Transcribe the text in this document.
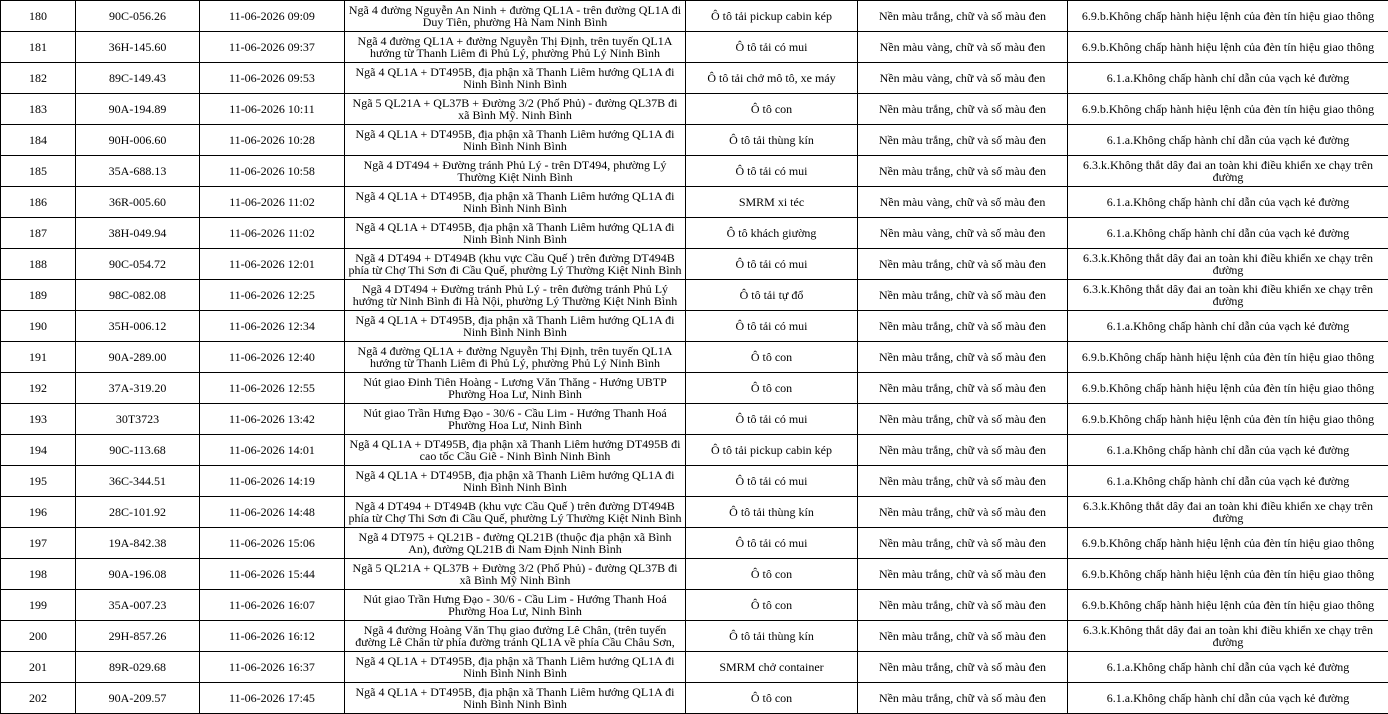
180	90C-056.26	11-06-2026 09:09	Ngã 4 đường Nguyễn An Ninh + đường QL1A - trên đường QL1A đi Duy Tiên, phường Hà Nam Ninh Bình	Ô tô tải pickup cabin kép	Nền màu trắng, chữ và số màu đen	6.9.b.Không chấp hành hiệu lệnh của đèn tín hiệu giao thông
181	36H-145.60	11-06-2026 09:37	Ngã 4 đường QL1A + đường Nguyễn Thị Định, trên tuyến QL1A hướng từ Thanh Liêm đi Phủ Lý, phường Phủ Lý Ninh Bình	Ô tô tải có mui	Nền màu vàng, chữ và số màu đen	6.9.b.Không chấp hành hiệu lệnh của đèn tín hiệu giao thông
182	89C-149.43	11-06-2026 09:53	Ngã 4 QL1A + DT495B, địa phận xã Thanh Liêm hướng QL1A đi Ninh Bình Ninh Bình	Ô tô tải chở mô tô, xe máy	Nền màu vàng, chữ và số màu đen	6.1.a.Không chấp hành chỉ dẫn của vạch kẻ đường
183	90A-194.89	11-06-2026 10:11	Ngã 5 QL21A + QL37B + Đường 3/2 (Phố Phủ) - đường QL37B đi xã Bình Mỹ. Ninh Bình	Ô tô con	Nền màu trắng, chữ và số màu đen	6.9.b.Không chấp hành hiệu lệnh của đèn tín hiệu giao thông
184	90H-006.60	11-06-2026 10:28	Ngã 4 QL1A + DT495B, địa phận xã Thanh Liêm hướng QL1A đi Ninh Bình Ninh Bình	Ô tô tải thùng kín	Nền màu trắng, chữ và số màu đen	6.1.a.Không chấp hành chỉ dẫn của vạch kẻ đường
185	35A-688.13	11-06-2026 10:58	Ngã 4 DT494 + Đường tránh Phủ Lý - trên DT494, phường Lý Thường Kiệt Ninh Bình	Ô tô tải có mui	Nền màu trắng, chữ và số màu đen	6.3.k.Không thắt dây đai an toàn khi điều khiển xe chạy trên đường
186	36R-005.60	11-06-2026 11:02	Ngã 4 QL1A + DT495B, địa phận xã Thanh Liêm hướng QL1A đi Ninh Bình Ninh Bình	SMRM xi téc	Nền màu vàng, chữ và số màu đen	6.1.a.Không chấp hành chỉ dẫn của vạch kẻ đường
187	38H-049.94	11-06-2026 11:02	Ngã 4 QL1A + DT495B, địa phận xã Thanh Liêm hướng QL1A đi Ninh Bình Ninh Bình	Ô tô khách giường	Nền màu vàng, chữ và số màu đen	6.1.a.Không chấp hành chỉ dẫn của vạch kẻ đường
188	90C-054.72	11-06-2026 12:01	Ngã 4 DT494 + DT494B (khu vực Cầu Quế ) trên đường DT494B phía từ Chợ Thi Sơn đi Cầu Quế, phường Lý Thường Kiệt Ninh Bình	Ô tô tải có mui	Nền màu trắng, chữ và số màu đen	6.3.k.Không thắt dây đai an toàn khi điều khiển xe chạy trên đường
189	98C-082.08	11-06-2026 12:25	Ngã 4 DT494 + Đường tránh Phủ Lý - trên đường tránh Phủ Lý hướng từ Ninh Bình đi Hà Nội, phường Lý Thường Kiệt Ninh Bình	Ô tô tải tự đổ	Nền màu trắng, chữ và số màu đen	6.3.k.Không thắt dây đai an toàn khi điều khiển xe chạy trên đường
190	35H-006.12	11-06-2026 12:34	Ngã 4 QL1A + DT495B, địa phận xã Thanh Liêm hướng QL1A đi Ninh Bình Ninh Bình	Ô tô tải có mui	Nền màu trắng, chữ và số màu đen	6.1.a.Không chấp hành chỉ dẫn của vạch kẻ đường
191	90A-289.00	11-06-2026 12:40	Ngã 4 đường QL1A + đường Nguyễn Thị Định, trên tuyến QL1A hướng từ Thanh Liêm đi Phủ Lý, phường Phủ Lý Ninh Bình	Ô tô con	Nền màu trắng, chữ và số màu đen	6.9.b.Không chấp hành hiệu lệnh của đèn tín hiệu giao thông
192	37A-319.20	11-06-2026 12:55	Nút giao Đinh Tiên Hoàng - Lương Văn Thăng - Hướng UBTP Phường Hoa Lư, Ninh Bình	Ô tô con	Nền màu trắng, chữ và số màu đen	6.9.b.Không chấp hành hiệu lệnh của đèn tín hiệu giao thông
193	30T3723	11-06-2026 13:42	Nút giao Trần Hưng Đạo - 30/6 - Cầu Lim - Hướng Thanh Hoá Phường Hoa Lư, Ninh Bình	Ô tô tải có mui	Nền màu trắng, chữ và số màu đen	6.9.b.Không chấp hành hiệu lệnh của đèn tín hiệu giao thông
194	90C-113.68	11-06-2026 14:01	Ngã 4 QL1A + DT495B, địa phận xã Thanh Liêm hướng DT495B đi cao tốc Cầu Giẽ - Ninh Bình Ninh Bình	Ô tô tải pickup cabin kép	Nền màu trắng, chữ và số màu đen	6.1.a.Không chấp hành chỉ dẫn của vạch kẻ đường
195	36C-344.51	11-06-2026 14:19	Ngã 4 QL1A + DT495B, địa phận xã Thanh Liêm hướng QL1A đi Ninh Bình Ninh Bình	Ô tô tải có mui	Nền màu trắng, chữ và số màu đen	6.1.a.Không chấp hành chỉ dẫn của vạch kẻ đường
196	28C-101.92	11-06-2026 14:48	Ngã 4 DT494 + DT494B (khu vực Cầu Quế ) trên đường DT494B phía từ Chợ Thi Sơn đi Cầu Quế, phường Lý Thường Kiệt Ninh Bình	Ô tô tải thùng kín	Nền màu trắng, chữ và số màu đen	6.3.k.Không thắt dây đai an toàn khi điều khiển xe chạy trên đường
197	19A-842.38	11-06-2026 15:06	Ngã 4 DT975 + QL21B - đường QL21B (thuộc địa phận xã Bình An), đường QL21B đi Nam Định Ninh Bình	Ô tô tải có mui	Nền màu trắng, chữ và số màu đen	6.9.b.Không chấp hành hiệu lệnh của đèn tín hiệu giao thông
198	90A-196.08	11-06-2026 15:44	Ngã 5 QL21A + QL37B + Đường 3/2 (Phố Phủ) - đường QL37B đi xã Bình Mỹ Ninh Bình	Ô tô con	Nền màu trắng, chữ và số màu đen	6.9.b.Không chấp hành hiệu lệnh của đèn tín hiệu giao thông
199	35A-007.23	11-06-2026 16:07	Nút giao Trần Hưng Đạo - 30/6 - Cầu Lim - Hướng Thanh Hoá Phường Hoa Lư, Ninh Bình	Ô tô con	Nền màu trắng, chữ và số màu đen	6.9.b.Không chấp hành hiệu lệnh của đèn tín hiệu giao thông
200	29H-857.26	11-06-2026 16:12	Ngã 4 đường Hoàng Văn Thụ giao đường Lê Chân, (trên tuyến đường Lê Chân từ phía đường tránh QL1A về phía Cầu Châu Sơn,	Ô tô tải thùng kín	Nền màu trắng, chữ và số màu đen	6.3.k.Không thắt dây đai an toàn khi điều khiển xe chạy trên đường
201	89R-029.68	11-06-2026 16:37	Ngã 4 QL1A + DT495B, địa phận xã Thanh Liêm hướng QL1A đi Ninh Bình Ninh Bình	SMRM chở container	Nền màu trắng, chữ và số màu đen	6.1.a.Không chấp hành chỉ dẫn của vạch kẻ đường
202	90A-209.57	11-06-2026 17:45	Ngã 4 QL1A + DT495B, địa phận xã Thanh Liêm hướng QL1A đi Ninh Bình Ninh Bình	Ô tô con	Nền màu trắng, chữ và số màu đen	6.1.a.Không chấp hành chỉ dẫn của vạch kẻ đường
